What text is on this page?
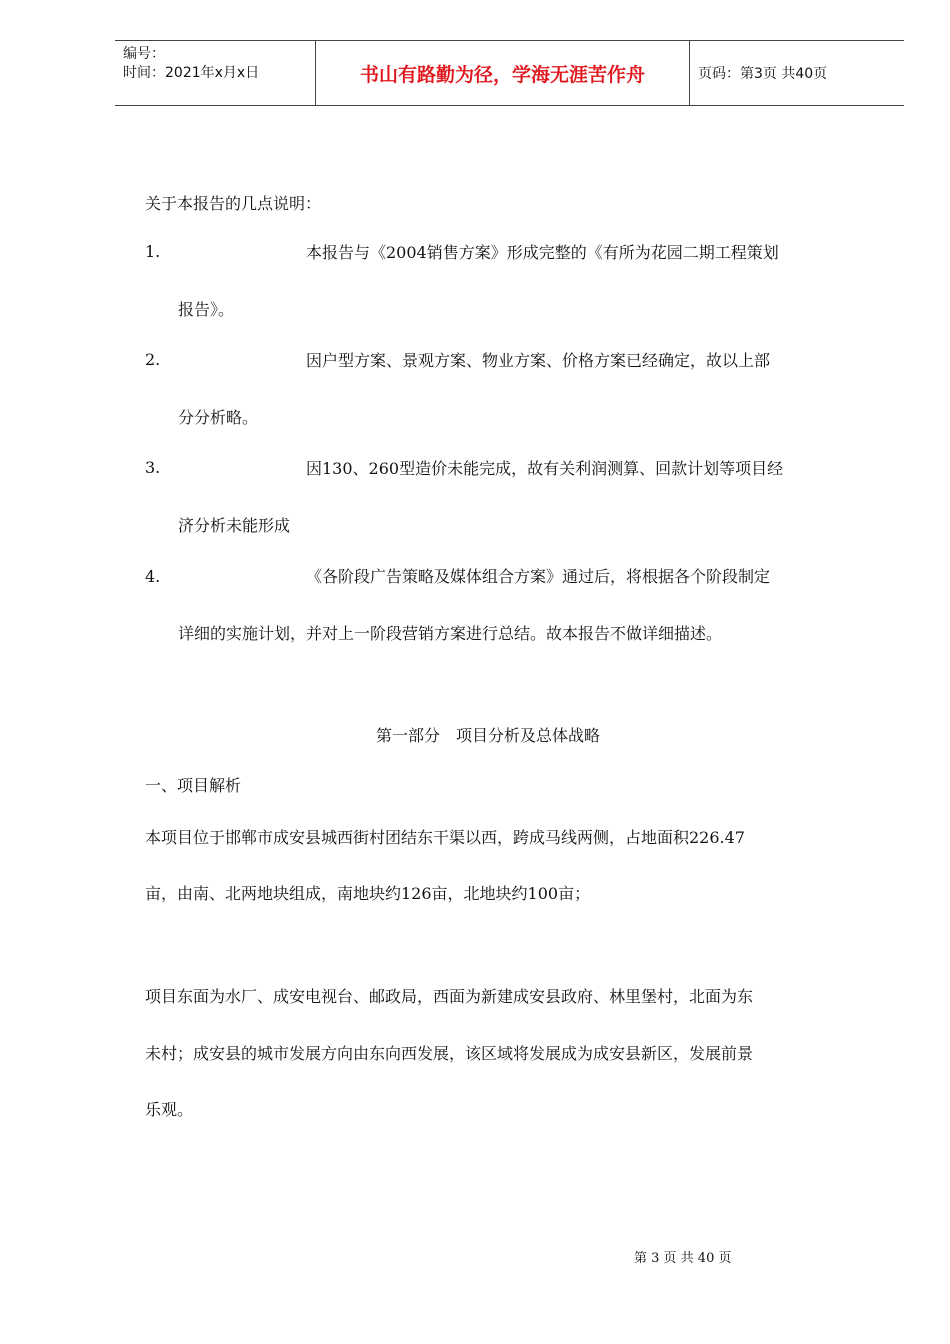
编号：
时间：2021年x月x日	书山有路勤为径，学海无涯苦作舟	页码：第3页 共40页
关于本报告的几点说明：
1.	本报告与《2004销售方案》形成完整的《有所为花园二期工程策划
报告》。
2.	因户型方案、景观方案、物业方案、价格方案已经确定，故以上部
分分析略。
3.	因130、260型造价未能完成，故有关利润测算、回款计划等项目经
济分析未能形成
4.	《各阶段广告策略及媒体组合方案》通过后，将根据各个阶段制定
详细的实施计划，并对上一阶段营销方案进行总结。故本报告不做详细描述。
第一部分　项目分析及总体战略
一、项目解析
本项目位于邯郸市成安县城西街村团结东干渠以西，跨成马线两侧，占地面积226.47
亩，由南、北两地块组成，南地块约126亩，北地块约100亩；
项目东面为水厂、成安电视台、邮政局，西面为新建成安县政府、林里堡村，北面为东
未村；成安县的城市发展方向由东向西发展，该区域将发展成为成安县新区，发展前景
乐观。
第 3 页 共 40 页
